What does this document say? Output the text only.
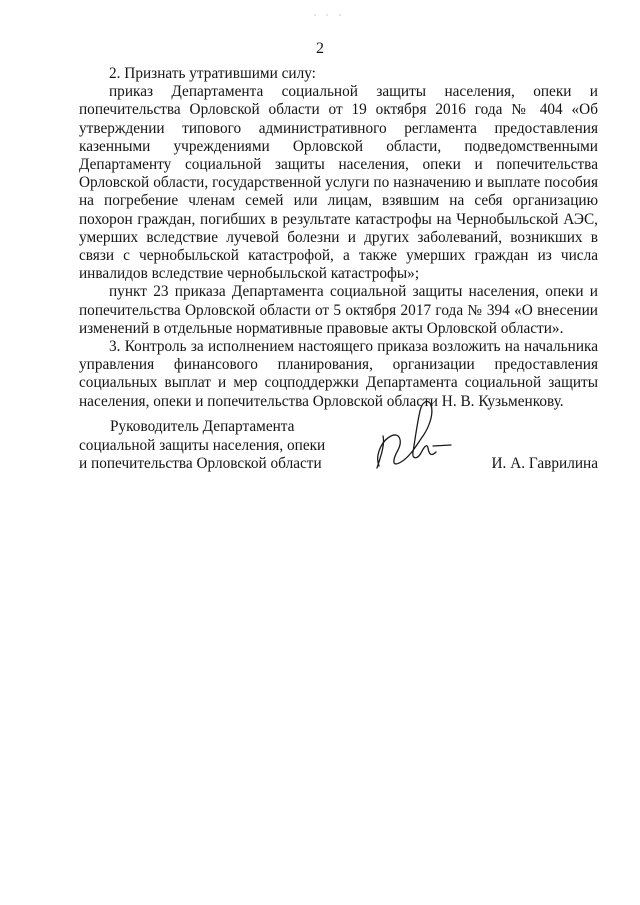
2

2. Признать утратившими силу:

приказ Департамента социальной защиты населения, опеки и попечительства Орловской области от 19 октября 2016 года № 404 «Об утверждении типового административного регламента предоставления казенными учреждениями Орловской области, подведомственными Департаменту социальной защиты населения, опеки и попечительства Орловской области, государственной услуги по назначению и выплате пособия на погребение членам семей или лицам, взявшим на себя организацию похорон граждан, погибших в результате катастрофы на Чернобыльской АЭС, умерших вследствие лучевой болезни и других заболеваний, возникших в связи с чернобыльской катастрофой, а также умерших граждан из числа инвалидов вследствие чернобыльской катастрофы»;

пункт 23 приказа Департамента социальной защиты населения, опеки и попечительства Орловской области от 5 октября 2017 года № 394 «О внесении изменений в отдельные нормативные правовые акты Орловской области».

3. Контроль за исполнением настоящего приказа возложить на начальника управления финансового планирования, организации предоставления социальных выплат и мер соцподдержки Департамента социальной защиты населения, опеки и попечительства Орловской области Н. В. Кузьменкову.

Руководитель Департамента
социальной защиты населения, опеки
и попечительства Орловской области	И. А. Гаврилина
